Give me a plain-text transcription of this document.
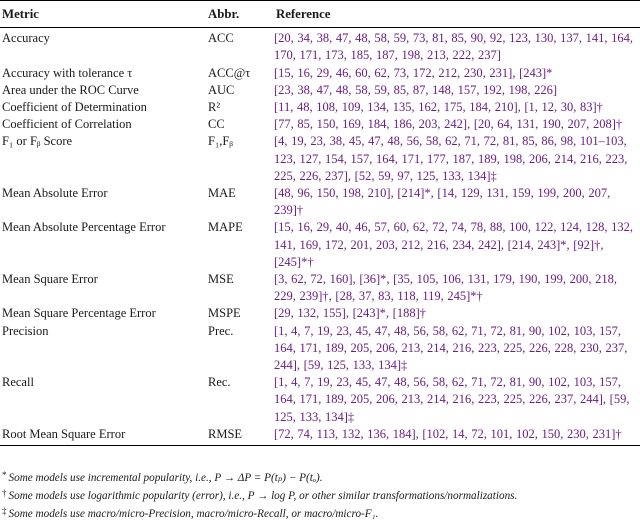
Metric	Abbr.	Reference
Accuracy	ACC	[20, 34, 38, 47, 48, 58, 59, 73, 81, 85, 90, 92, 123, 130, 137, 141, 164, 170, 171, 173, 185, 187, 198, 213, 222, 237]
Accuracy with tolerance τ	ACC@τ	[15, 16, 29, 46, 60, 62, 73, 172, 212, 230, 231], [243]*
Area under the ROC Curve	AUC	[23, 38, 47, 48, 58, 59, 85, 87, 148, 157, 192, 198, 226]
Coefficient of Determination	R²	[11, 48, 108, 109, 134, 135, 162, 175, 184, 210], [1, 12, 30, 83]†
Coefficient of Correlation	CC	[77, 85, 150, 169, 184, 186, 203, 242], [20, 64, 131, 190, 207, 208]†
F₁ or Fᵦ Score	F₁,Fᵦ	[4, 19, 23, 38, 45, 47, 48, 56, 58, 62, 71, 72, 81, 85, 86, 98, 101–103, 123, 127, 154, 157, 164, 171, 177, 187, 189, 198, 206, 214, 216, 223, 225, 226, 237], [52, 59, 97, 125, 133, 134]‡
Mean Absolute Error	MAE	[48, 96, 150, 198, 210], [214]*, [14, 129, 131, 159, 199, 200, 207, 239]†
Mean Absolute Percentage Error	MAPE	[15, 16, 29, 40, 46, 57, 60, 62, 72, 74, 78, 88, 100, 122, 124, 128, 132, 141, 169, 172, 201, 203, 212, 216, 234, 242], [214, 243]*, [92]†, [245]*†
Mean Square Error	MSE	[3, 62, 72, 160], [36]*, [35, 105, 106, 131, 179, 190, 199, 200, 218, 229, 239]†, [28, 37, 83, 118, 119, 245]*†
Mean Square Percentage Error	MSPE	[29, 132, 155], [243]*, [188]†
Precision	Prec.	[1, 4, 7, 19, 23, 45, 47, 48, 56, 58, 62, 71, 72, 81, 90, 102, 103, 157, 164, 171, 189, 205, 206, 213, 214, 216, 223, 225, 226, 228, 230, 237, 244], [59, 125, 133, 134]‡
Recall	Rec.	[1, 4, 7, 19, 23, 45, 47, 48, 56, 58, 62, 71, 72, 81, 90, 102, 103, 157, 164, 171, 189, 205, 206, 213, 214, 216, 223, 225, 226, 237, 244], [59, 125, 133, 134]‡
Root Mean Square Error	RMSE	[72, 74, 113, 132, 136, 184], [102, 14, 72, 101, 102, 150, 230, 231]†
* Some models use incremental popularity, i.e., P → ΔP = P(tₚ) − P(tₒ).
† Some models use logarithmic popularity (error), i.e., P → log P, or other similar transformations/normalizations.
‡ Some models use macro/micro-Precision, macro/micro-Recall, or macro/micro-F₁.
